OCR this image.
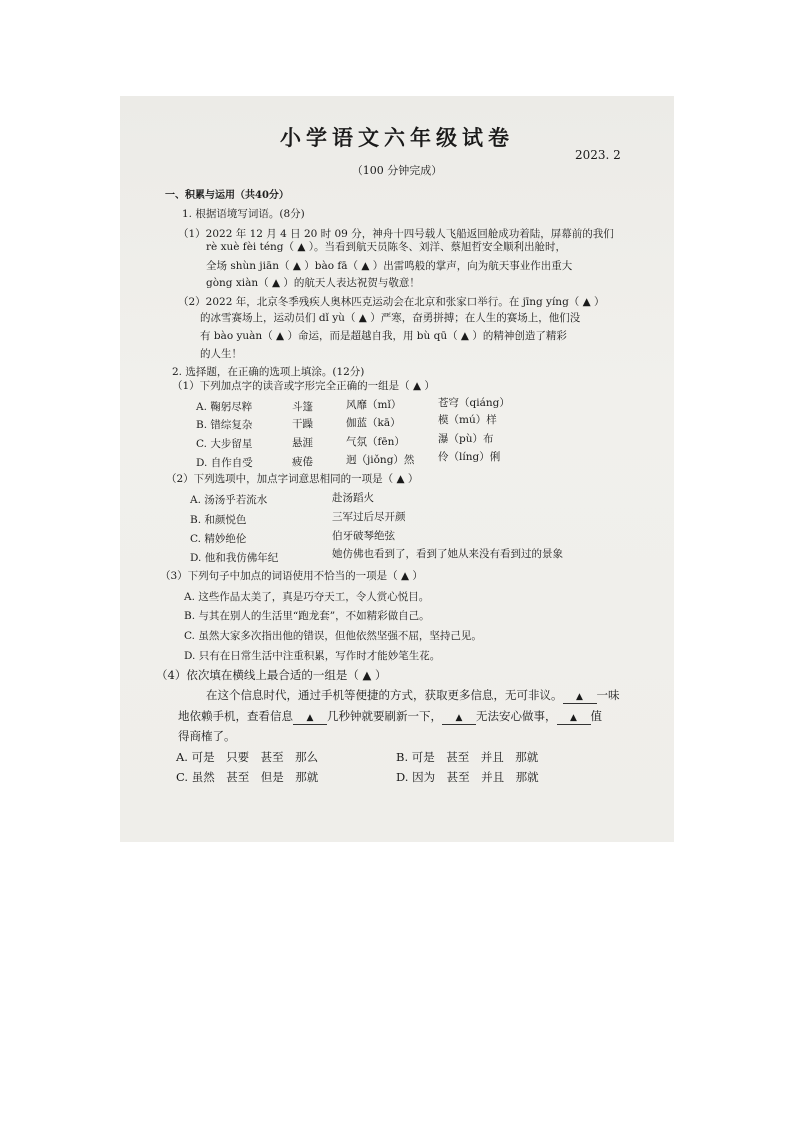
小学语文六年级试卷
2023. 2
（100 分钟完成）
一、积累与运用（共40分）
1. 根据语境写词语。(8分)
（1）2022 年 12 月 4 日 20 时 09 分，神舟十四号载人飞船返回舱成功着陆，屏幕前的我们
rè xuè fèi téng（ ▲ ）。当看到航天员陈冬、刘洋、蔡旭哲安全顺利出舱时，
全场 shùn jiān（ ▲ ）bào fā（ ▲ ）出雷鸣般的掌声，向为航天事业作出重大
gòng xiàn（ ▲ ）的航天人表达祝贺与敬意！
（2）2022 年，北京冬季残疾人奥林匹克运动会在北京和张家口举行。在 jīng yíng（ ▲ ）
的冰雪赛场上，运动员们 dǐ yù（ ▲ ）严寒，奋勇拼搏；在人生的赛场上，他们没
有 bào yuàn（ ▲ ）命运，而是超越自我，用 bù qū（ ▲ ）的精神创造了精彩
的人生！
2. 选择题，在正确的选项上填涂。(12分)
（1）下列加点字的读音或字形完全正确的一组是（ ▲ ）
A. 鞠躬尽粹	斗篷	风靡（mǐ）	苍穹（qiáng）
B. 错综复杂	干躁	伽蓝（kā）	模（mú）样
C. 大步留星	悬涯	气氛（fēn）	瀑（pù）布
D. 自作自受	疲倦	迥（jiǒng）然 伶（líng）俐
（2）下列选项中，加点字词意思相同的一项是（ ▲ ）
A. 汤汤乎若流水	赴汤蹈火
B. 和颜悦色	三军过后尽开颜
C. 精妙绝伦	伯牙破琴绝弦
D. 他和我仿佛年纪	她仿佛也看到了，看到了她从来没有看到过的景象
（3）下列句子中加点的词语使用不恰当的一项是（ ▲ ）
A. 这些作品太美了，真是巧夺天工，令人赏心悦目。
B. 与其在别人的生活里“跑龙套”，不如精彩做自己。
C. 虽然大家多次指出他的错误，但他依然坚强不屈，坚持己见。
D. 只有在日常生活中注重积累，写作时才能妙笔生花。
（4）依次填在横线上最合适的一组是（ ▲ ）
在这个信息时代，通过手机等便捷的方式，获取更多信息，无可非议。 ▲ 一味
地依赖手机，查看信息 ▲ 几秒钟就要刷新一下， ▲ 无法安心做事， ▲ 值
得商榷了。
A. 可是　只要　甚至　那么	B. 可是　甚至　并且　那就
C. 虽然　甚至　但是　那就	D. 因为　甚至　并且　那就
